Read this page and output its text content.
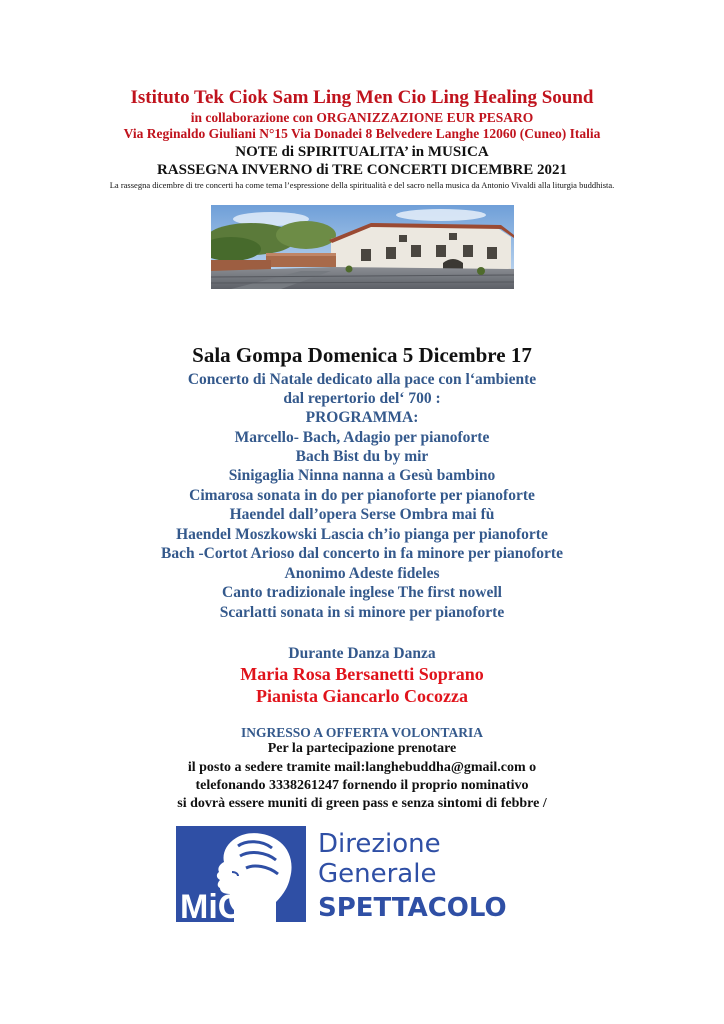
Istituto Tek Ciok Sam Ling Men Cio Ling Healing Sound
in collaborazione con ORGANIZZAZIONE EUR PESARO
Via Reginaldo Giuliani N°15 Via Donadei 8 Belvedere Langhe 12060 (Cuneo) Italia
NOTE di SPIRITUALITA’ in MUSICA
RASSEGNA INVERNO di TRE CONCERTI DICEMBRE 2021
La rassegna dicembre di tre concerti ha come tema l’espressione della spiritualità e del sacro nella musica da Antonio Vivaldi alla liturgia buddhista.
Sala Gompa Domenica 5 Dicembre 17
Concerto di Natale dedicato alla pace con l‘ambiente
dal repertorio del‘ 700 :
PROGRAMMA:
Marcello- Bach, Adagio per pianoforte
Bach Bist du by mir
Sinigaglia Ninna nanna a Gesù bambino
Cimarosa sonata in do per pianoforte per pianoforte
Haendel dall’opera Serse Ombra mai fù
Haendel Moszkowski Lascia ch’io pianga per pianoforte
Bach -Cortot Arioso dal concerto in fa minore per pianoforte
Anonimo Adeste fideles
Canto tradizionale inglese The first nowell
Scarlatti sonata in si minore per pianoforte
Durante Danza Danza
Maria Rosa Bersanetti Soprano
Pianista Giancarlo Cocozza
INGRESSO A OFFERTA VOLONTARIA
Per la partecipazione prenotare
il posto a sedere tramite mail:langhebuddha@gmail.com o
telefonando 3338261247 fornendo il proprio nominativo
si dovrà essere muniti di green pass e senza sintomi di febbre /
MiC
Direzione
Generale
SPETTACOLO
